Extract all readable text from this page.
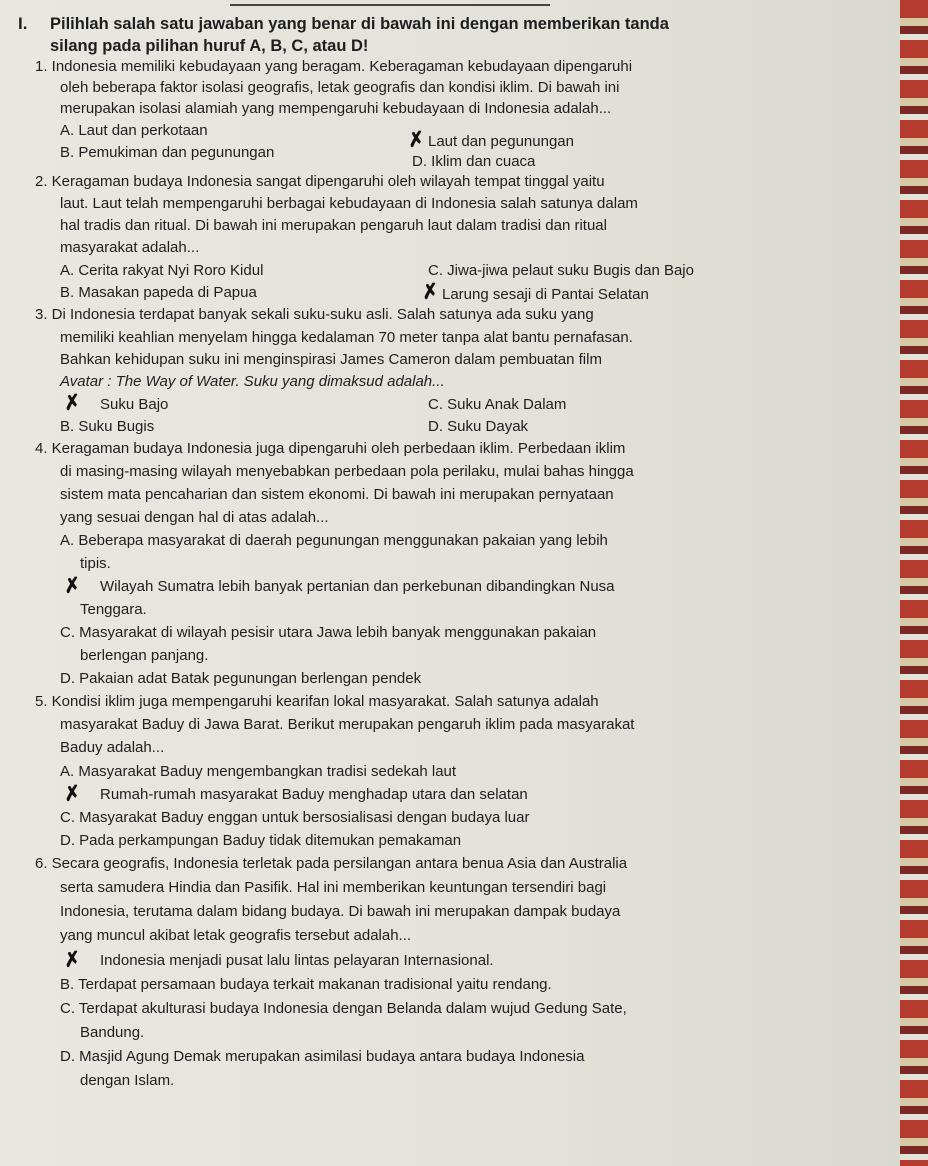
I. Pilihlah salah satu jawaban yang benar di bawah ini dengan memberikan tanda
silang pada pilihan huruf A, B, C, atau D!
1. Indonesia memiliki kebudayaan yang beragam. Keberagaman kebudayaan dipengaruhi
oleh beberapa faktor isolasi geografis, letak geografis dan kondisi iklim. Di bawah ini
merupakan isolasi alamiah yang mempengaruhi kebudayaan di Indonesia adalah...
A. Laut dan perkotaan
B. Pemukiman dan pegunungan
✗ Laut dan pegunungan
D. Iklim dan cuaca
2. Keragaman budaya Indonesia sangat dipengaruhi oleh wilayah tempat tinggal yaitu
laut. Laut telah mempengaruhi berbagai kebudayaan di Indonesia salah satunya dalam
hal tradis dan ritual. Di bawah ini merupakan pengaruh laut dalam tradisi dan ritual
masyarakat adalah...
A. Cerita rakyat Nyi Roro Kidul
B. Masakan papeda di Papua
C. Jiwa-jiwa pelaut suku Bugis dan Bajo
✗ Larung sesaji di Pantai Selatan
3. Di Indonesia terdapat banyak sekali suku-suku asli. Salah satunya ada suku yang
memiliki keahlian menyelam hingga kedalaman 70 meter tanpa alat bantu pernafasan.
Bahkan kehidupan suku ini menginspirasi James Cameron dalam pembuatan film
Avatar : The Way of Water. Suku yang dimaksud adalah...
✗ Suku Bajo
B. Suku Bugis
C. Suku Anak Dalam
D. Suku Dayak
4. Keragaman budaya Indonesia juga dipengaruhi oleh perbedaan iklim. Perbedaan iklim
di masing-masing wilayah menyebabkan perbedaan pola perilaku, mulai bahas hingga
sistem mata pencaharian dan sistem ekonomi. Di bawah ini merupakan pernyataan
yang sesuai dengan hal di atas adalah...
A. Beberapa masyarakat di daerah pegunungan menggunakan pakaian yang lebih
tipis.
✗ Wilayah Sumatra lebih banyak pertanian dan perkebunan dibandingkan Nusa
Tenggara.
C. Masyarakat di wilayah pesisir utara Jawa lebih banyak menggunakan pakaian
berlengan panjang.
D. Pakaian adat Batak pegunungan berlengan pendek
5. Kondisi iklim juga mempengaruhi kearifan lokal masyarakat. Salah satunya adalah
masyarakat Baduy di Jawa Barat. Berikut merupakan pengaruh iklim pada masyarakat
Baduy adalah...
A. Masyarakat Baduy mengembangkan tradisi sedekah laut
✗ Rumah-rumah masyarakat Baduy menghadap utara dan selatan
C. Masyarakat Baduy enggan untuk bersosialisasi dengan budaya luar
D. Pada perkampungan Baduy tidak ditemukan pemakaman
6. Secara geografis, Indonesia terletak pada persilangan antara benua Asia dan Australia
serta samudera Hindia dan Pasifik. Hal ini memberikan keuntungan tersendiri bagi
Indonesia, terutama dalam bidang budaya. Di bawah ini merupakan dampak budaya
yang muncul akibat letak geografis tersebut adalah...
✗ Indonesia menjadi pusat lalu lintas pelayaran Internasional.
B. Terdapat persamaan budaya terkait makanan tradisional yaitu rendang.
C. Terdapat akulturasi budaya Indonesia dengan Belanda dalam wujud Gedung Sate,
Bandung.
D. Masjid Agung Demak merupakan asimilasi budaya antara budaya Indonesia
dengan Islam.
